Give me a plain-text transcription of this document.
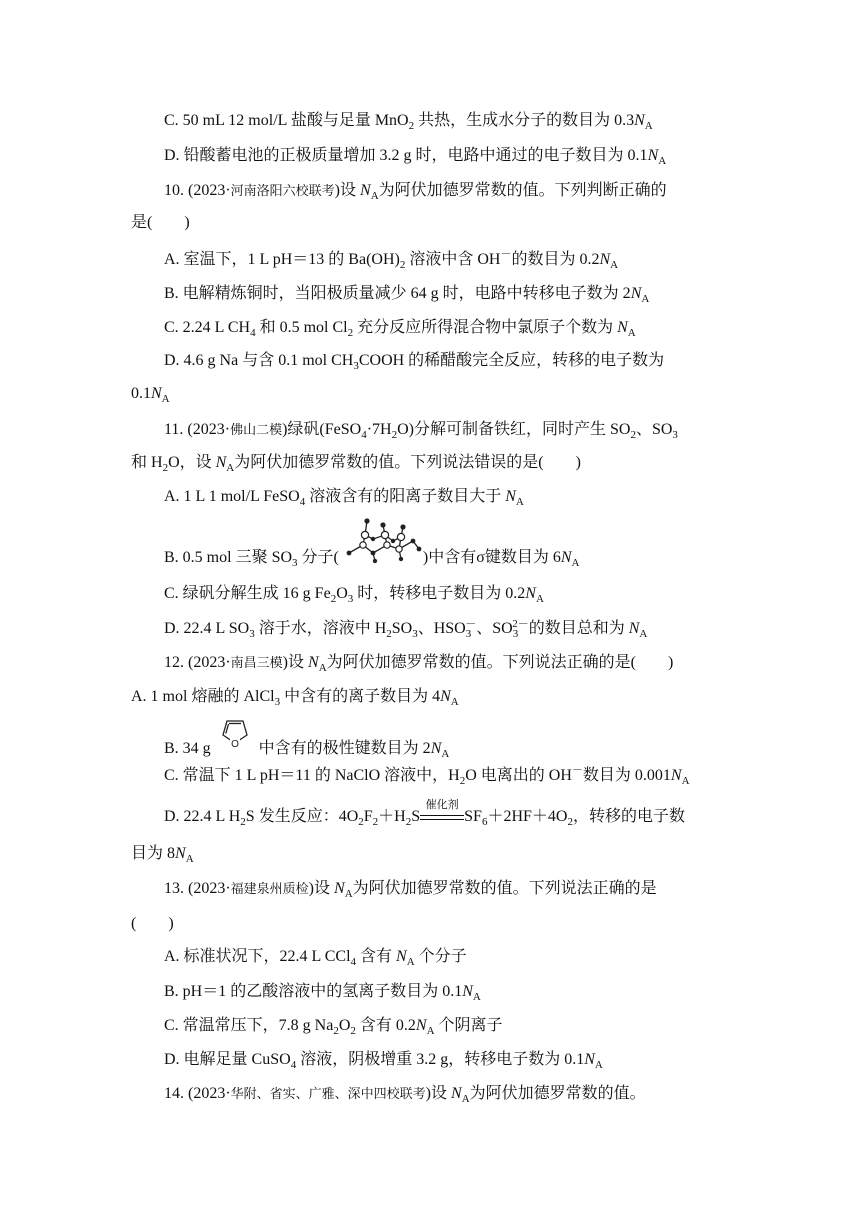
C. 50 mL 12 mol/L 盐酸与足量 MnO$_2$ 共热，生成水分子的数目为 $0.3N_A$
D. 铅酸蓄电池的正极质量增加 3.2 g 时，电路中通过的电子数目为 $0.1N_A$
10. (2023·河南洛阳六校联考)设 $N_A$为阿伏加德罗常数的值。下列判断正确的
是(　　)
A. 室温下，1 L pH＝13 的 $Ba(OH)_2$ 溶液中含 OH－的数目为 $0.2N_A$
B. 电解精炼铜时，当阳极质量减少 64 g 时，电路中转移电子数为 $2N_A$
C. 2.24 L $CH_4$ 和 0.5 mol $Cl_2$ 充分反应所得混合物中氯原子个数为 $N_A$
D. 4.6 g Na 与含 0.1 mol $CH_3COOH$ 的稀醋酸完全反应，转移的电子数为
$0.1N_A$
11. (2023·佛山二模)绿矾$(FeSO_4\cdot 7H_2O)$分解可制备铁红，同时产生 $SO_2$、$SO_3$
和 $H_2O$，设 $N_A$为阿伏加德罗常数的值。下列说法错误的是(　　)
A. 1 L 1 mol/L FeSO$_4$ 溶液含有的阳离子数目大于 $N_A$
B. 0.5 mol 三聚 $SO_3$ 分子(	)中含有σ键数目为 $6N_A$
C. 绿矾分解生成 16 g $Fe_2O_3$ 时，转移电子数目为 $0.2N_A$
D. 22.4 L $SO_3$ 溶于水，溶液中 $H_2SO_3$、$HSO_3^-$、$SO_3^{2-}$的数目总和为 $N_A$
12. (2023·南昌三模)设 $N_A$为阿伏加德罗常数的值。下列说法正确的是(　　)
A. 1 mol 熔融的 AlCl$_3$ 中含有的离子数目为 $4N_A$
B. 34 g O 中含有的极性键数目为 $2N_A$
C. 常温下 1 L pH＝11 的 NaClO 溶液中，$H_2O$ 电离出的 OH－数目为 $0.001N_A$
D. 22.4 L $H_2S$ 发生反应：$4O_2F_2+H_2S$
催化剂
$SF_6+2HF+4O_2$，转移的电子数
目为 $8N_A$
13. (2023·福建泉州质检)设 $N_A$为阿伏加德罗常数的值。下列说法正确的是
(　　)
A. 标准状况下，22.4 L CCl$_4$ 含有 $N_A$ 个分子
B. pH＝1 的乙酸溶液中的氢离子数目为 $0.1N_A$
C. 常温常压下，7.8 g $Na_2O_2$ 含有 $0.2N_A$ 个阴离子
D. 电解足量 CuSO$_4$ 溶液，阴极增重 3.2 g，转移电子数为 $0.1N_A$
14. (2023·华附、省实、广雅、深中四校联考)设 $N_A$为阿伏加德罗常数的值。
